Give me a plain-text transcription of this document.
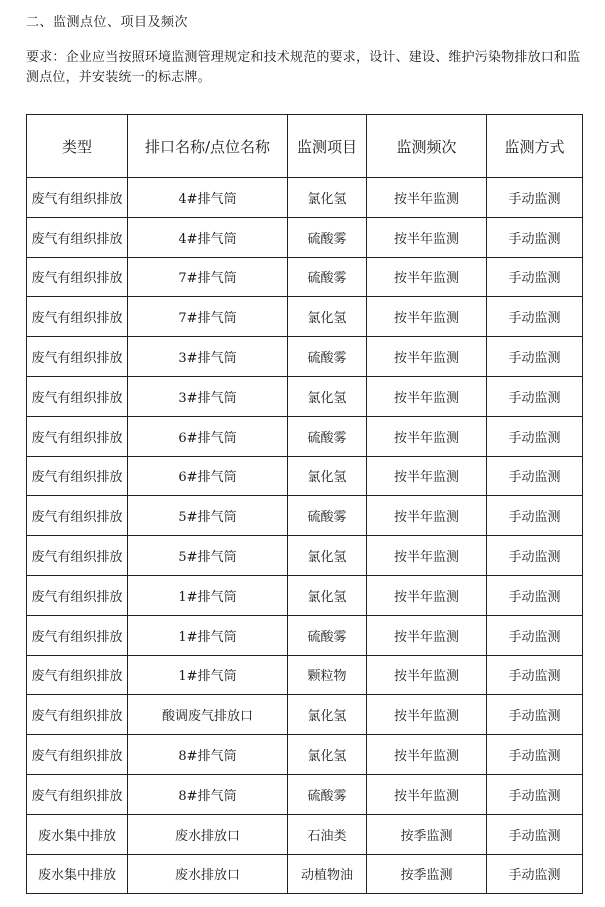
二、监测点位、项目及频次
要求：企业应当按照环境监测管理规定和技术规范的要求，设计、建设、维护污染物排放口和监测点位，并安装统一的标志牌。
类型	排口名称/点位名称	监测项目	监测频次	监测方式
废气有组织排放	4#排气筒	氯化氢	按半年监测	手动监测
废气有组织排放	4#排气筒	硫酸雾	按半年监测	手动监测
废气有组织排放	7#排气筒	硫酸雾	按半年监测	手动监测
废气有组织排放	7#排气筒	氯化氢	按半年监测	手动监测
废气有组织排放	3#排气筒	硫酸雾	按半年监测	手动监测
废气有组织排放	3#排气筒	氯化氢	按半年监测	手动监测
废气有组织排放	6#排气筒	硫酸雾	按半年监测	手动监测
废气有组织排放	6#排气筒	氯化氢	按半年监测	手动监测
废气有组织排放	5#排气筒	硫酸雾	按半年监测	手动监测
废气有组织排放	5#排气筒	氯化氢	按半年监测	手动监测
废气有组织排放	1#排气筒	氯化氢	按半年监测	手动监测
废气有组织排放	1#排气筒	硫酸雾	按半年监测	手动监测
废气有组织排放	1#排气筒	颗粒物	按半年监测	手动监测
废气有组织排放	酸调废气排放口	氯化氢	按半年监测	手动监测
废气有组织排放	8#排气筒	氯化氢	按半年监测	手动监测
废气有组织排放	8#排气筒	硫酸雾	按半年监测	手动监测
废水集中排放	废水排放口	石油类	按季监测	手动监测
废水集中排放	废水排放口	动植物油	按季监测	手动监测
